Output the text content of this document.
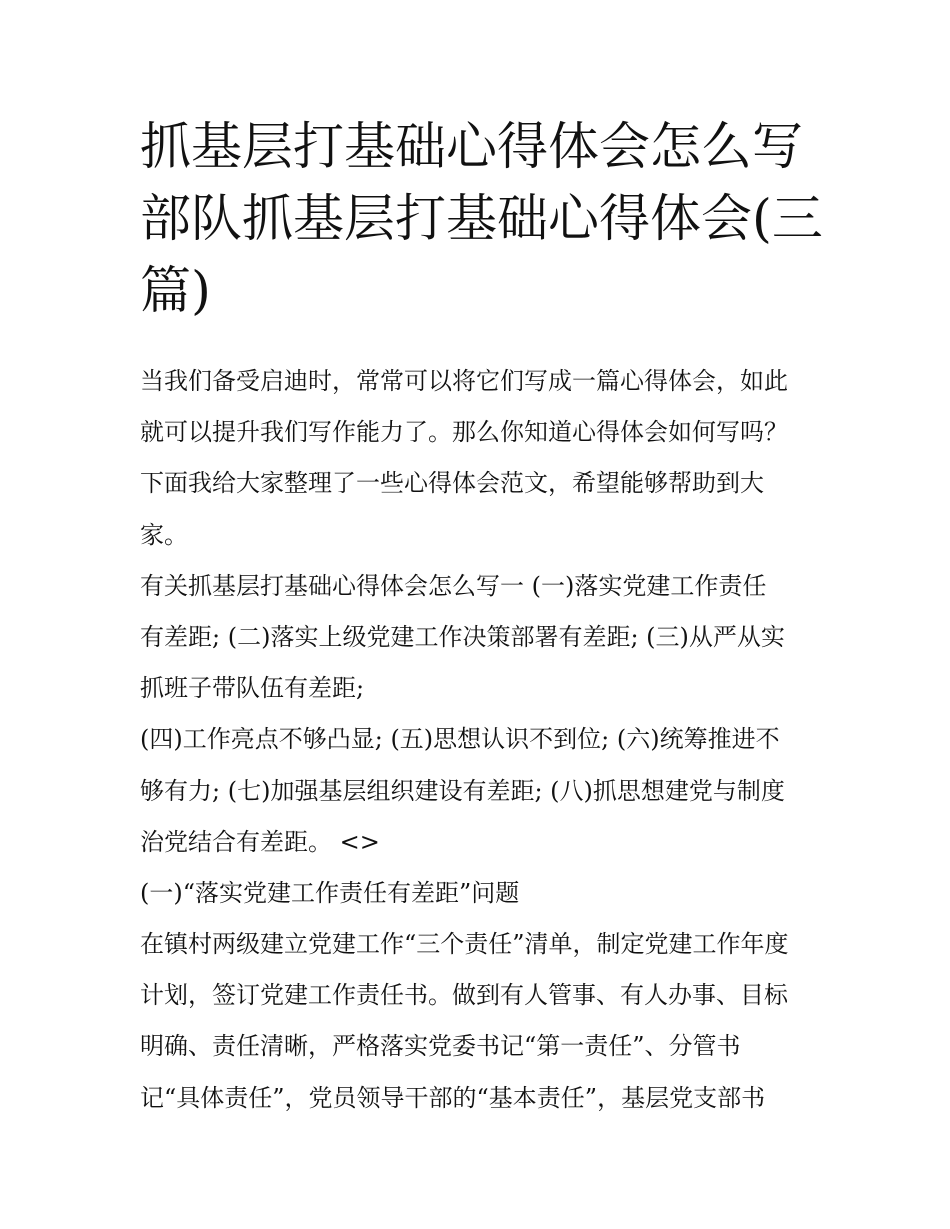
抓基层打基础心得体会怎么写
部队抓基层打基础心得体会(三
篇)
当我们备受启迪时，常常可以将它们写成一篇心得体会，如此
就可以提升我们写作能力了。那么你知道心得体会如何写吗？
下面我给大家整理了一些心得体会范文，希望能够帮助到大
家。
有关抓基层打基础心得体会怎么写一 (一)落实党建工作责任
有差距; (二)落实上级党建工作决策部署有差距; (三)从严从实
抓班子带队伍有差距;
(四)工作亮点不够凸显; (五)思想认识不到位; (六)统筹推进不
够有力; (七)加强基层组织建设有差距; (八)抓思想建党与制度
治党结合有差距。 <>
(一)“落实党建工作责任有差距”问题
在镇村两级建立党建工作“三个责任”清单，制定党建工作年度
计划，签订党建工作责任书。做到有人管事、有人办事、目标
明确、责任清晰，严格落实党委书记“第一责任”、分管书
记“具体责任”，党员领导干部的“基本责任”，基层党支部书
